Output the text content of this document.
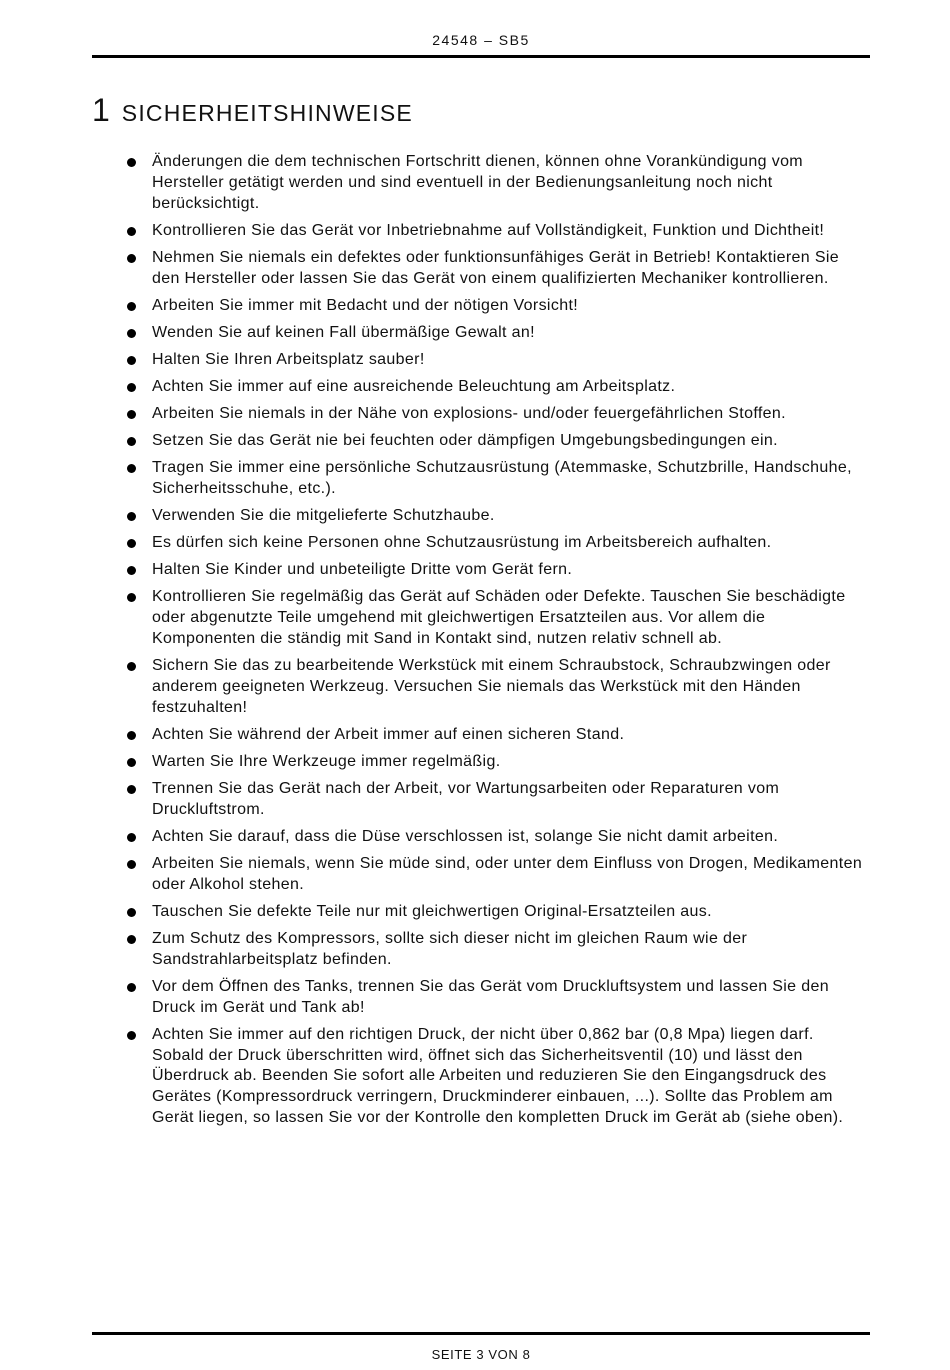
24548 – SB5
1 SICHERHEITSHINWEISE
Änderungen die dem technischen Fortschritt dienen, können ohne Vorankündigung vom Hersteller getätigt werden und sind eventuell in der Bedienungsanleitung noch nicht berücksichtigt.
Kontrollieren Sie das Gerät vor Inbetriebnahme auf Vollständigkeit, Funktion und Dichtheit!
Nehmen Sie niemals ein defektes oder funktionsunfähiges Gerät in Betrieb! Kontaktieren Sie den Hersteller oder lassen Sie das Gerät von einem qualifizierten Mechaniker kontrollieren.
Arbeiten Sie immer mit Bedacht und der nötigen Vorsicht!
Wenden Sie auf keinen Fall übermäßige Gewalt an!
Halten Sie Ihren Arbeitsplatz sauber!
Achten Sie immer auf eine ausreichende Beleuchtung am Arbeitsplatz.
Arbeiten Sie niemals in der Nähe von explosions- und/oder feuergefährlichen Stoffen.
Setzen Sie das Gerät nie bei feuchten oder dämpfigen Umgebungsbedingungen ein.
Tragen Sie immer eine persönliche Schutzausrüstung (Atemmaske, Schutzbrille, Handschuhe, Sicherheitsschuhe, etc.).
Verwenden Sie die mitgelieferte Schutzhaube.
Es dürfen sich keine Personen ohne Schutzausrüstung im Arbeitsbereich aufhalten.
Halten Sie Kinder und unbeteiligte Dritte vom Gerät fern.
Kontrollieren Sie regelmäßig das Gerät auf Schäden oder Defekte. Tauschen Sie beschädigte oder abgenutzte Teile umgehend mit gleichwertigen Ersatzteilen aus. Vor allem die Komponenten die ständig mit Sand in Kontakt sind, nutzen relativ schnell ab.
Sichern Sie das zu bearbeitende Werkstück mit einem Schraubstock, Schraubzwingen oder anderem geeigneten Werkzeug. Versuchen Sie niemals das Werkstück mit den Händen festzuhalten!
Achten Sie während der Arbeit immer auf einen sicheren Stand.
Warten Sie Ihre Werkzeuge immer regelmäßig.
Trennen Sie das Gerät nach der Arbeit, vor Wartungsarbeiten oder Reparaturen vom Druckluftstrom.
Achten Sie darauf, dass die Düse verschlossen ist, solange Sie nicht damit arbeiten.
Arbeiten Sie niemals, wenn Sie müde sind, oder unter dem Einfluss von Drogen, Medikamenten oder Alkohol stehen.
Tauschen Sie defekte Teile nur mit gleichwertigen Original-Ersatzteilen aus.
Zum Schutz des Kompressors, sollte sich dieser nicht im gleichen Raum wie der Sandstrahlarbeitsplatz befinden.
Vor dem Öffnen des Tanks, trennen Sie das Gerät vom Druckluftsystem und lassen Sie den Druck im Gerät und Tank ab!
Achten Sie immer auf den richtigen Druck, der nicht über 0,862 bar (0,8 Mpa) liegen darf. Sobald der Druck überschritten wird, öffnet sich das Sicherheitsventil (10) und lässt den Überdruck ab. Beenden Sie sofort alle Arbeiten und reduzieren Sie den Eingangsdruck des Gerätes (Kompressordruck verringern, Druckminderer einbauen, ...). Sollte das Problem am Gerät liegen, so lassen Sie vor der Kontrolle den kompletten Druck im Gerät ab (siehe oben).
SEITE 3 VON 8
